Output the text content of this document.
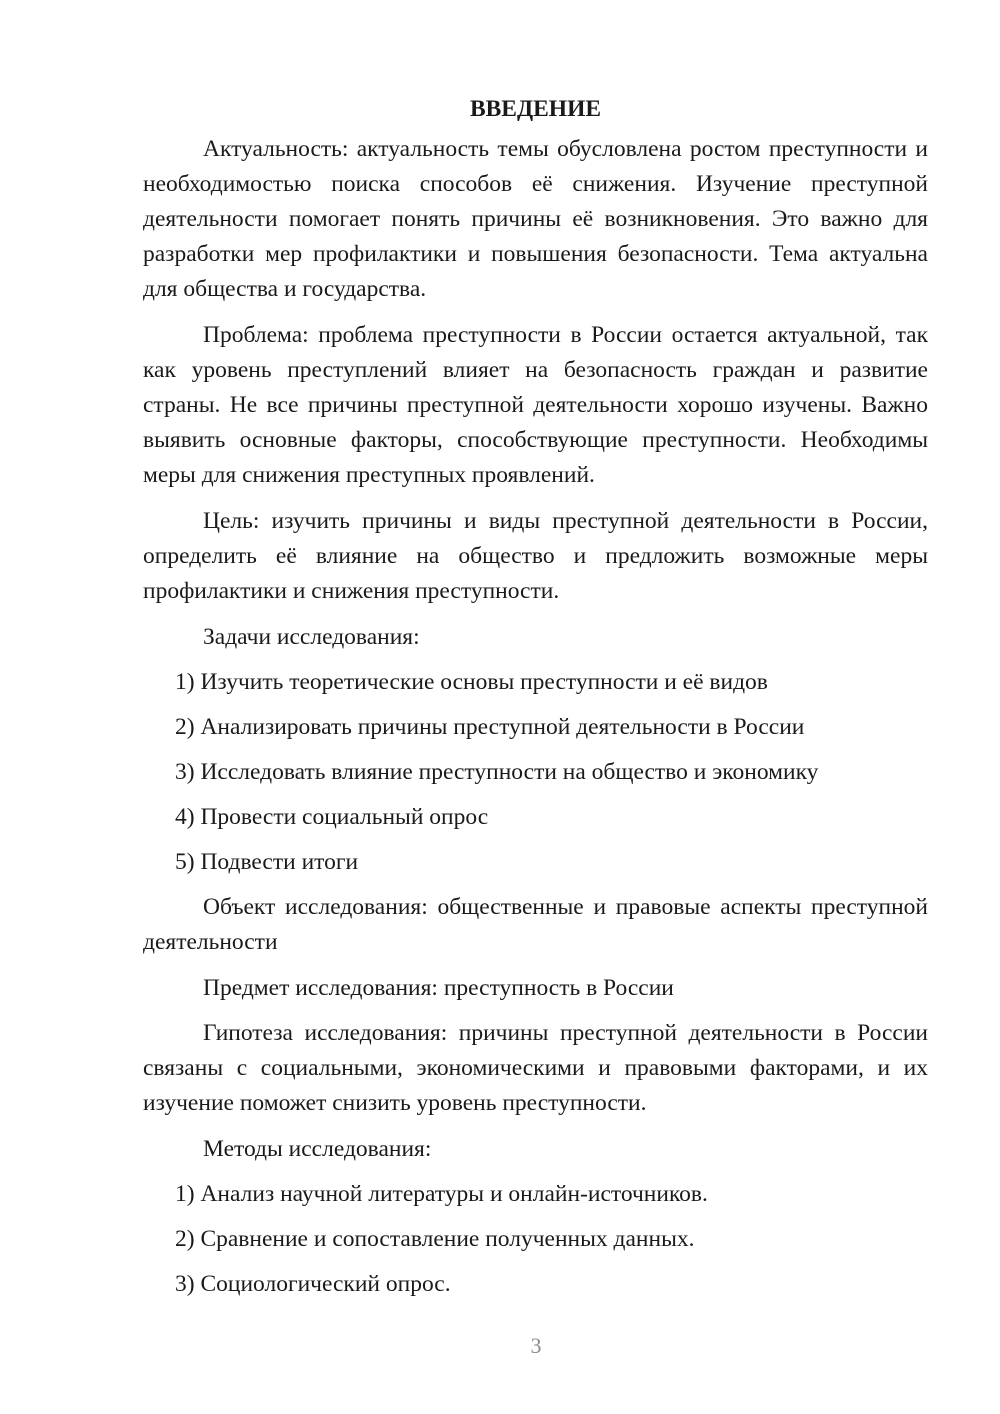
ВВЕДЕНИЕ

Актуальность: актуальность темы обусловлена ростом преступности и необходимостью поиска способов её снижения. Изучение преступной деятельности помогает понять причины её возникновения. Это важно для разработки мер профилактики и повышения безопасности. Тема актуальна для общества и государства.

Проблема: проблема преступности в России остается актуальной, так как уровень преступлений влияет на безопасность граждан и развитие страны. Не все причины преступной деятельности хорошо изучены. Важно выявить основные факторы, способствующие преступности. Необходимы меры для снижения преступных проявлений.

Цель: изучить причины и виды преступной деятельности в России, определить её влияние на общество и предложить возможные меры профилактики и снижения преступности.

Задачи исследования:
1) Изучить теоретические основы преступности и её видов
2) Анализировать причины преступной деятельности в России
3) Исследовать влияние преступности на общество и экономику
4) Провести социальный опрос
5) Подвести итоги

Объект исследования: общественные и правовые аспекты преступной деятельности

Предмет исследования: преступность в России

Гипотеза исследования: причины преступной деятельности в России связаны с социальными, экономическими и правовыми факторами, и их изучение поможет снизить уровень преступности.

Методы исследования:
1) Анализ научной литературы и онлайн-источников.
2) Сравнение и сопоставление полученных данных.
3) Социологический опрос.
3
